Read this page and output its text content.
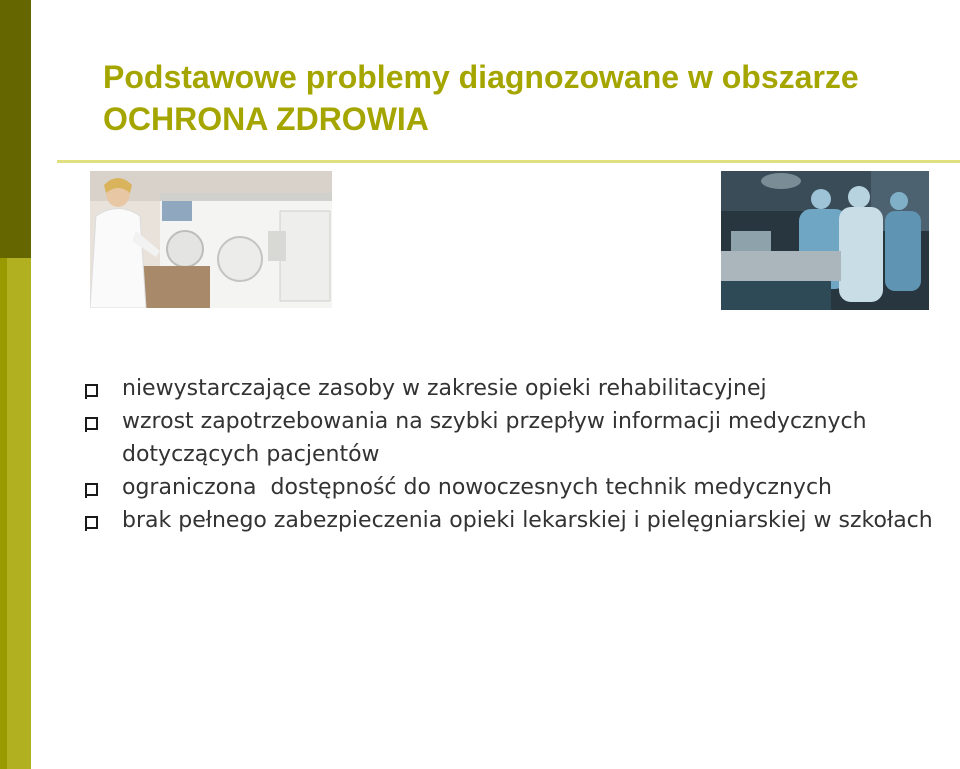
Podstawowe problemy diagnozowane w obszarze
OCHRONA ZDROWIA
niewystarczające zasoby w zakresie opieki rehabilitacyjnej
wzrost zapotrzebowania na szybki przepływ informacji medycznych  dotyczących pacjentów
ograniczona  dostępność do nowoczesnych technik medycznych
brak pełnego zabezpieczenia opieki lekarskiej i pielęgniarskiej w szkołach
